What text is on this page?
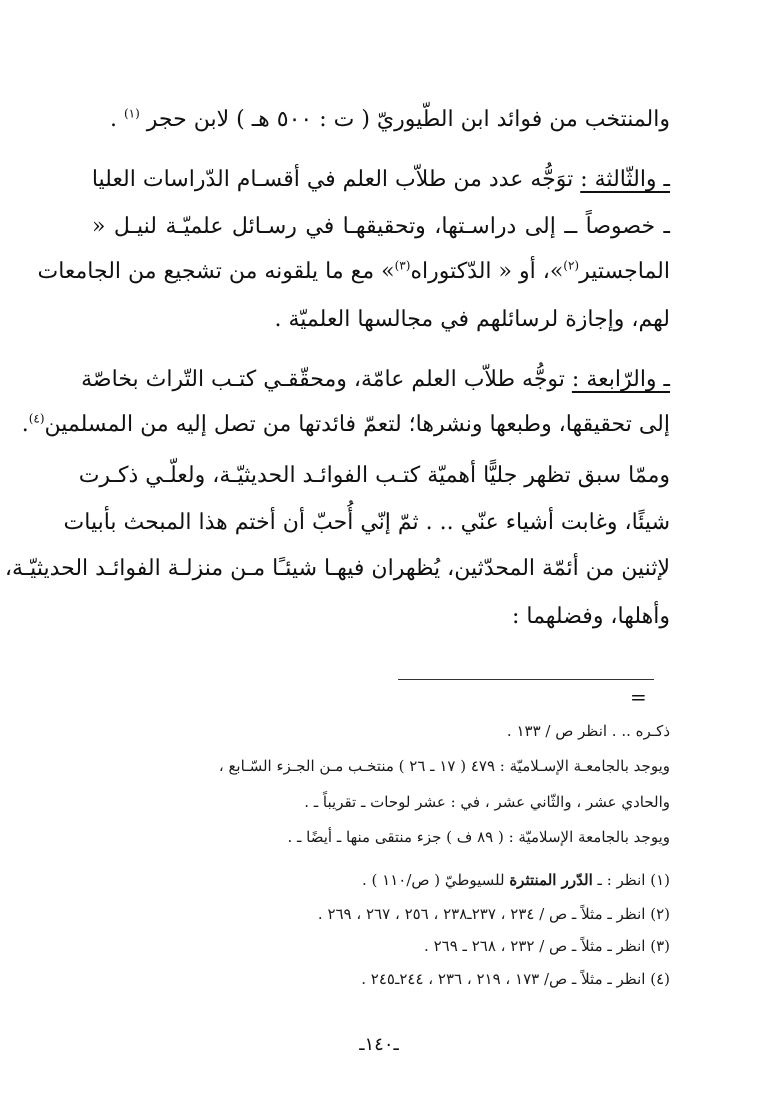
والمنتخب من فوائد ابن الطّيوريّ ( ت : ٥٠٠ هـ ) لابن حجر $^{(١)}$ .
ـ والثّالثة : توَجُّه عدد من طلاّب العلم في أقسـام الدّراسات العليا
ـ خصوصاً ــ إلى دراسـتها، وتحقيقهـا في رسـائل علميّـة لنيـل «
الماجستير$^{(٢)}$»، أو « الدّكتوراه$^{(٣)}$» مع ما يلقونه من تشجيع من الجامعات
لهم، وإجازة لرسائلهم في مجالسها العلميّة .
ـ والرّابعة : توجُّه طلاّب العلم عامّة، ومحقّقـي كتـب التّراث بخاصّة
إلى تحقيقها، وطبعها ونشرها؛ لتعمّ فائدتها من تصل إليه من المسلمين$^{(٤)}$.
وممّا سبق تظهر جليًّا أهميّة كتـب الفوائـد الحديثيّـة، ولعلّـي ذكـرت
شيئًا، وغابت أشياء عنّي .. . ثمّ إنّي أُحبّ أن أختم هذا المبحث بأبيات
لإثنين من أئمّة المحدّثين، يُظهران فيهـا شيئـًا مـن منزلـة الفوائـد الحديثيّـة،
وأهلها، وفضلهما :
=
ذكـره .. . انظر ص / ١٣٣ .
ويوجد بالجامعـة الإسـلاميّة : ٤٧٩ ( ١٧ ـ ٢٦ ) منتخـب مـن الجـزء السّـابع ،
والحادي عشر ، والثّاني عشر ، في : عشر لوحات ـ تقريباً ـ .
ويوجد بالجامعة الإسلاميّة : ( ٨٩ ف ) جزء منتقى منها ـ أيضًا ـ .
(١) انظر : ـ الدّرر المنتثرة للسيوطيّ ( ص/١١٠ ) .
(٢) انظر ـ مثلاً ـ ص / ٢٣٤ ، ٢٣٧ـ٢٣٨ ، ٢٥٦ ، ٢٦٧ ، ٢٦٩ .
(٣) انظر ـ مثلاً ـ ص / ٢٣٢ ، ٢٦٨ ـ ٢٦٩ .
(٤) انظر ـ مثلاً ـ ص/ ١٧٣ ، ٢١٩ ، ٢٣٦ ، ٢٤٤ـ٢٤٥ .
ـ١٤٠ـ
